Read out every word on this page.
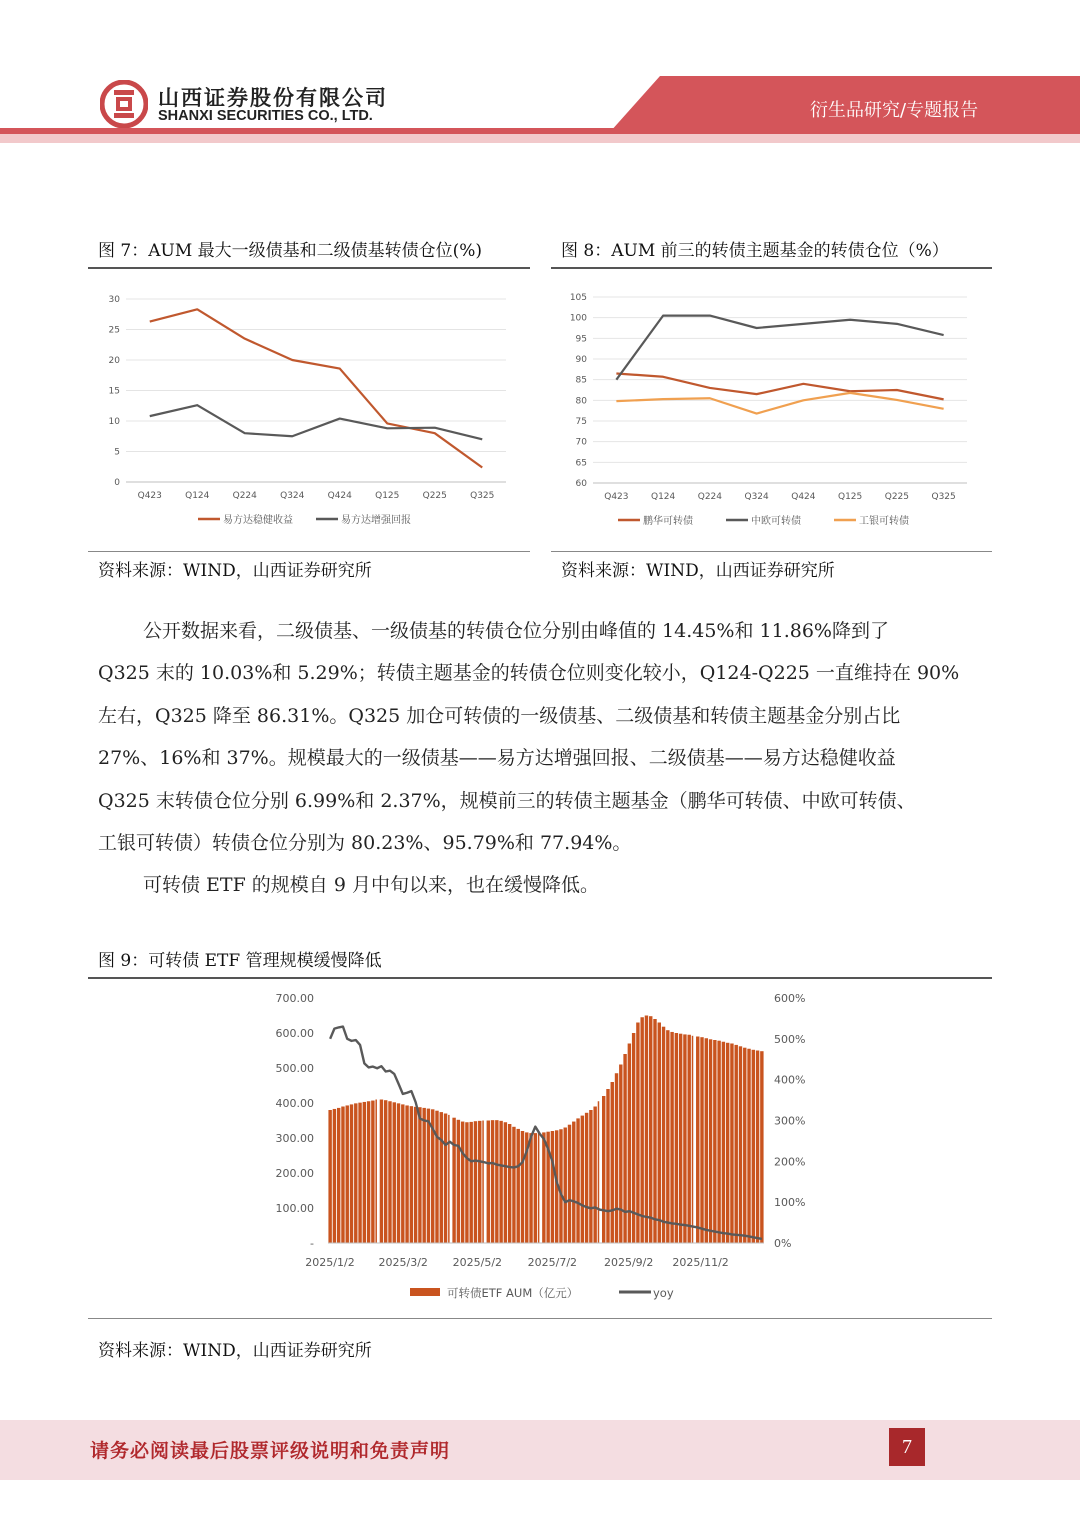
山西证券股份有限公司
SHANXI SECURITIES CO., LTD.	衍生品研究/专题报告
图 7：AUM 最大一级债基和二级债基转债仓位(%)
0
5
10
15
20
25
30
Q423	Q124	Q224	Q324	Q424	Q125	Q225	Q325
易方达稳健收益	易方达增强回报
资料来源：WIND，山西证券研究所
图 8：AUM 前三的转债主题基金的转债仓位（%）
60
65
70
75
80
85
90
95
100
105
Q423 Q124 Q224 Q324 Q424 Q125 Q225 Q325
鹏华可转债	中欧可转债	工银可转债
资料来源：WIND，山西证券研究所
公开数据来看，二级债基、一级债基的转债仓位分别由峰值的 14.45%和 11.86%降到了
Q325 末的 10.03%和 5.29%；转债主题基金的转债仓位则变化较小，Q124-Q225 一直维持在 90%
左右，Q325 降至 86.31%。Q325 加仓可转债的一级债基、二级债基和转债主题基金分别占比
27%、16%和 37%。规模最大的一级债基——易方达增强回报、二级债基——易方达稳健收益
Q325 末转债仓位分别 6.99%和 2.37%，规模前三的转债主题基金（鹏华可转债、中欧可转债、
工银可转债）转债仓位分别为 80.23%、95.79%和 77.94%。
可转债 ETF 的规模自 9 月中旬以来，也在缓慢降低。
图 9：可转债 ETF 管理规模缓慢降低
-
100.00
200.00
300.00
400.00
500.00
600.00
700.00
0%
100%
200%
300%
400%
500%
600%
2025/1/2 2025/3/2 2025/5/2 2025/7/2 2025/9/2 2025/11/2
可转债ETF AUM（亿元）	yoy
资料来源：WIND，山西证券研究所
请务必阅读最后股票评级说明和免责声明	7
